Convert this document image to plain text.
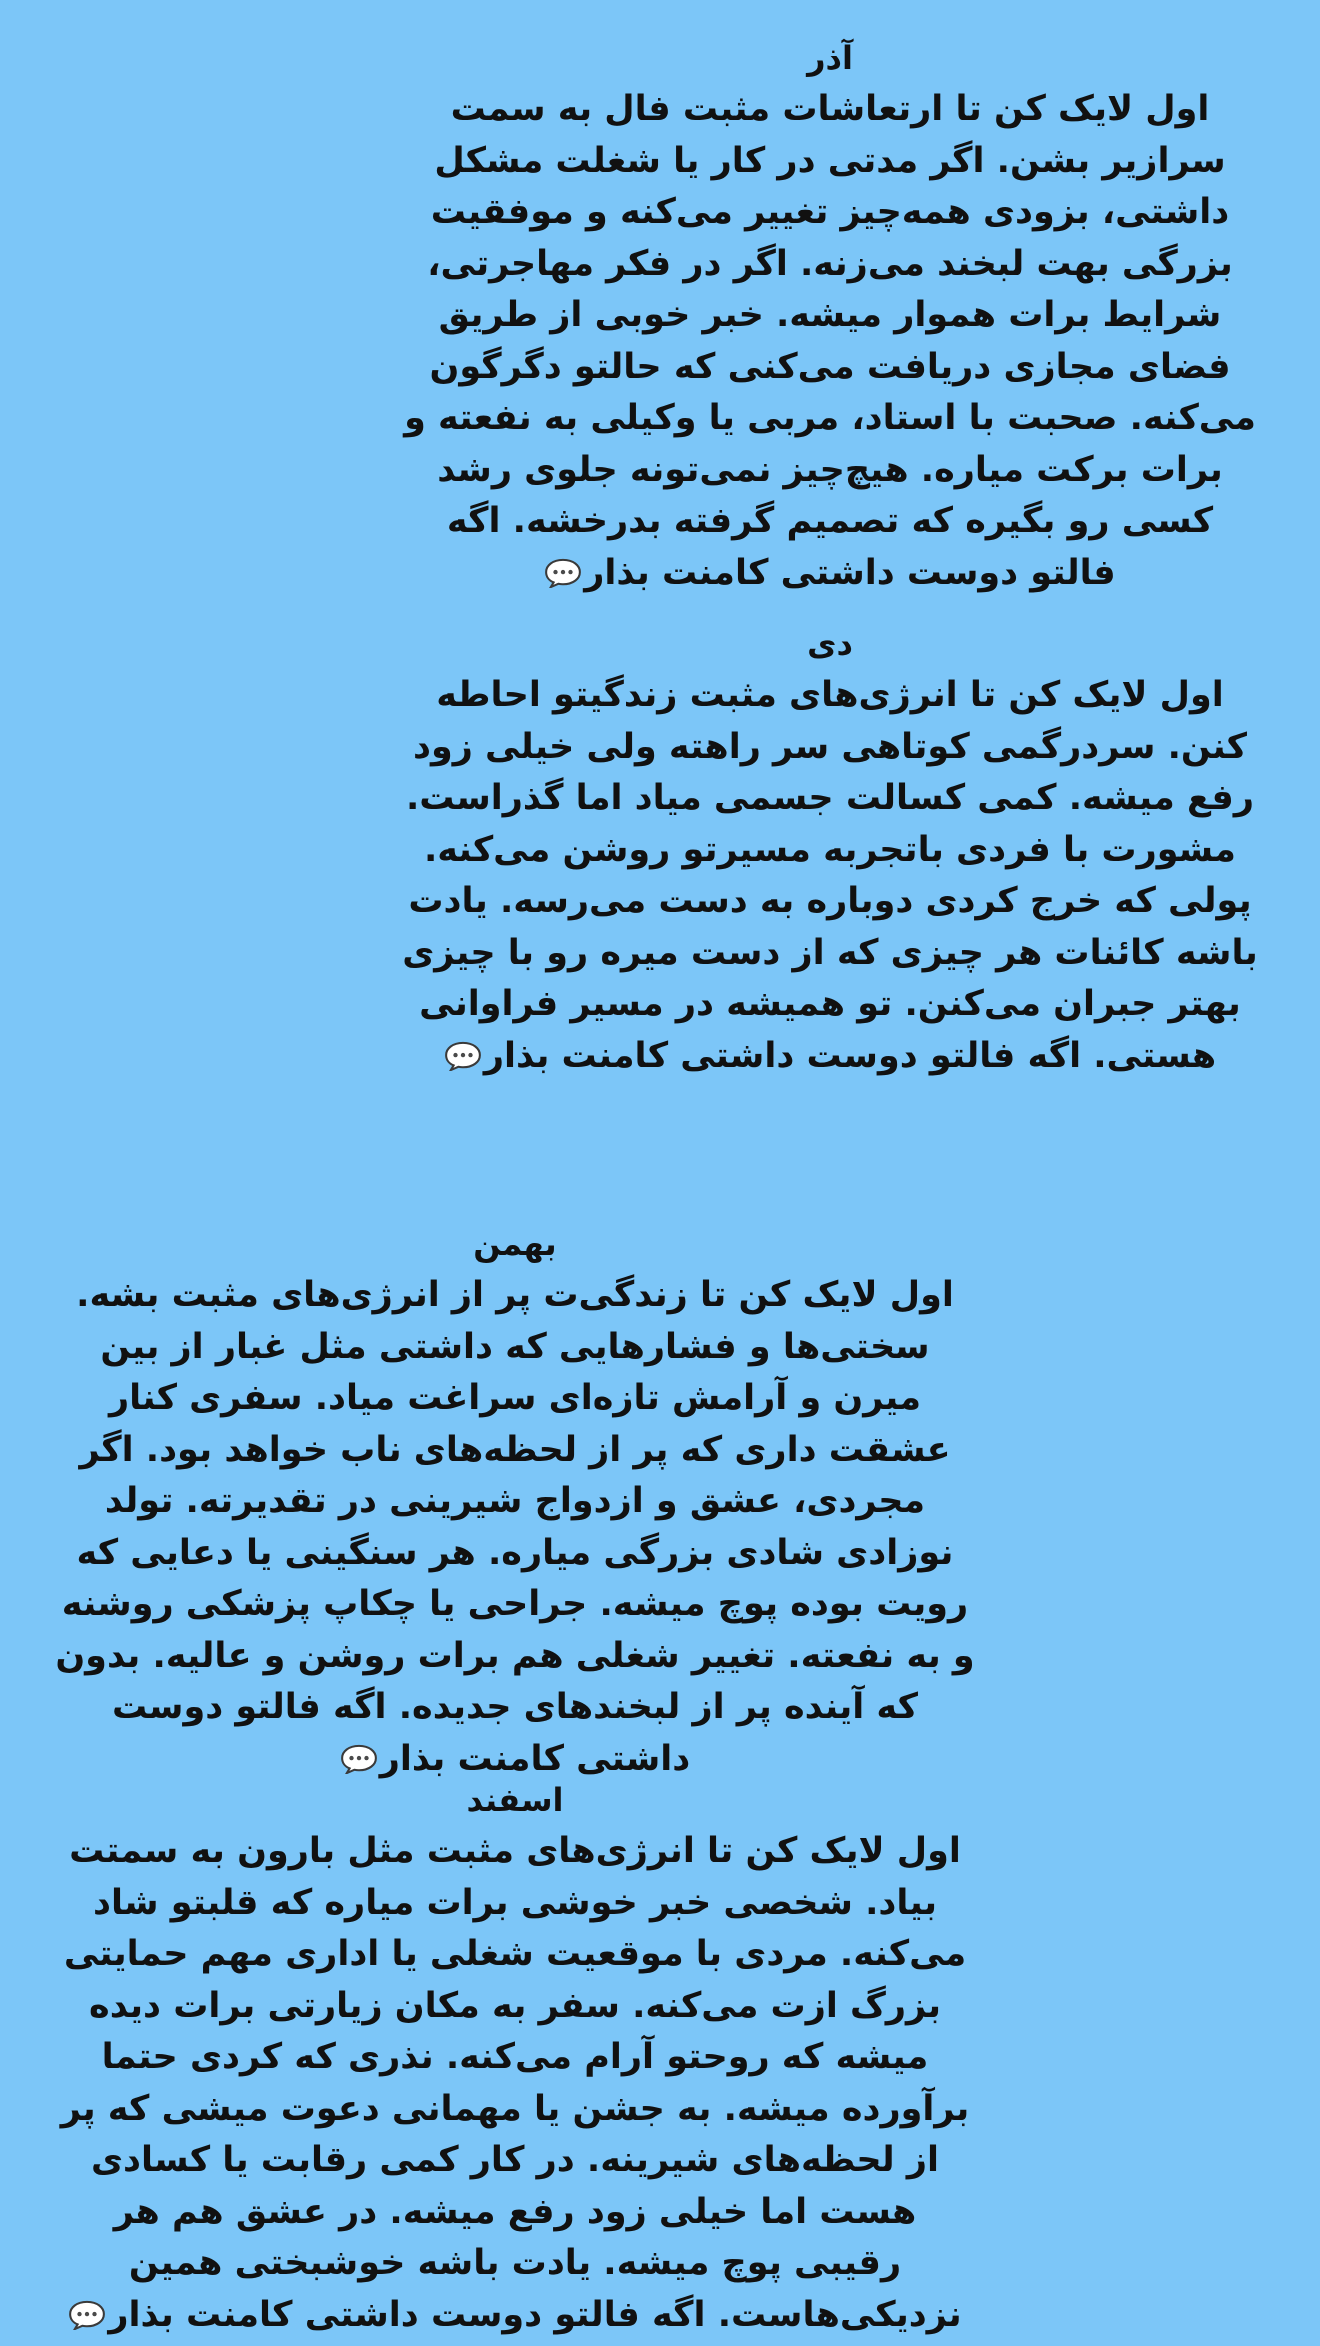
آذر

اول لایک کن تا ارتعاشات مثبت فال به سمت سرازیر بشن. اگر مدتی در کار یا شغلت مشکل داشتی، بزودی همه‌چیز تغییر می‌کنه و موفقیت بزرگی بهت لبخند می‌زنه. اگر در فکر مهاجرتی، شرایط برات هموار میشه. خبر خوبی از طریق فضای مجازی دریافت می‌کنی که حالتو دگرگون می‌کنه. صحبت با استاد، مربی یا وکیلی به نفعته و برات برکت میاره. هیچ‌چیز نمی‌تونه جلوی رشد کسی رو بگیره که تصمیم گرفته بدرخشه. اگه فالتو دوست داشتی کامنت بذار

دی

اول لایک کن تا انرژی‌های مثبت زندگیتو احاطه کنن. سردرگمی کوتاهی سر راهته ولی خیلی زود رفع میشه. کمی کسالت جسمی میاد اما گذراست. مشورت با فردی باتجربه مسیرتو روشن می‌کنه. پولی که خرج کردی دوباره به دست می‌رسه. یادت باشه کائنات هر چیزی که از دست میره رو با چیزی بهتر جبران می‌کنن. تو همیشه در مسیر فراوانی هستی. اگه فالتو دوست داشتی کامنت بذار

بهمن

اول لایک کن تا زندگی‌ت پر از انرژی‌های مثبت بشه. سختی‌ها و فشارهایی که داشتی مثل غبار از بین میرن و آرامش تازه‌ای سراغت میاد. سفری کنار عشقت داری که پر از لحظه‌های ناب خواهد بود. اگر مجردی، عشق و ازدواج شیرینی در تقدیرته. تولد نوزادی شادی بزرگی میاره. هر سنگینی یا دعایی که رویت بوده پوچ میشه. جراحی یا چکاپ پزشکی روشنه و به نفعته. تغییر شغلی هم برات روشن و عالیه. بدون که آینده پر از لبخندهای جدیده. اگه فالتو دوست داشتی کامنت بذار

اسفند

اول لایک کن تا انرژی‌های مثبت مثل بارون به سمتت بیاد. شخصی خبر خوشی برات میاره که قلبتو شاد می‌کنه. مردی با موقعیت شغلی یا اداری مهم حمایتی بزرگ ازت می‌کنه. سفر به مکان زیارتی برات دیده میشه که روحتو آرام می‌کنه. نذری که کردی حتما برآورده میشه. به جشن یا مهمانی دعوت میشی که پر از لحظه‌های شیرینه. در کار کمی رقابت یا کسادی هست اما خیلی زود رفع میشه. در عشق هم هر رقیبی پوچ میشه. یادت باشه خوشبختی همین نزدیکی‌هاست. اگه فالتو دوست داشتی کامنت بذار
